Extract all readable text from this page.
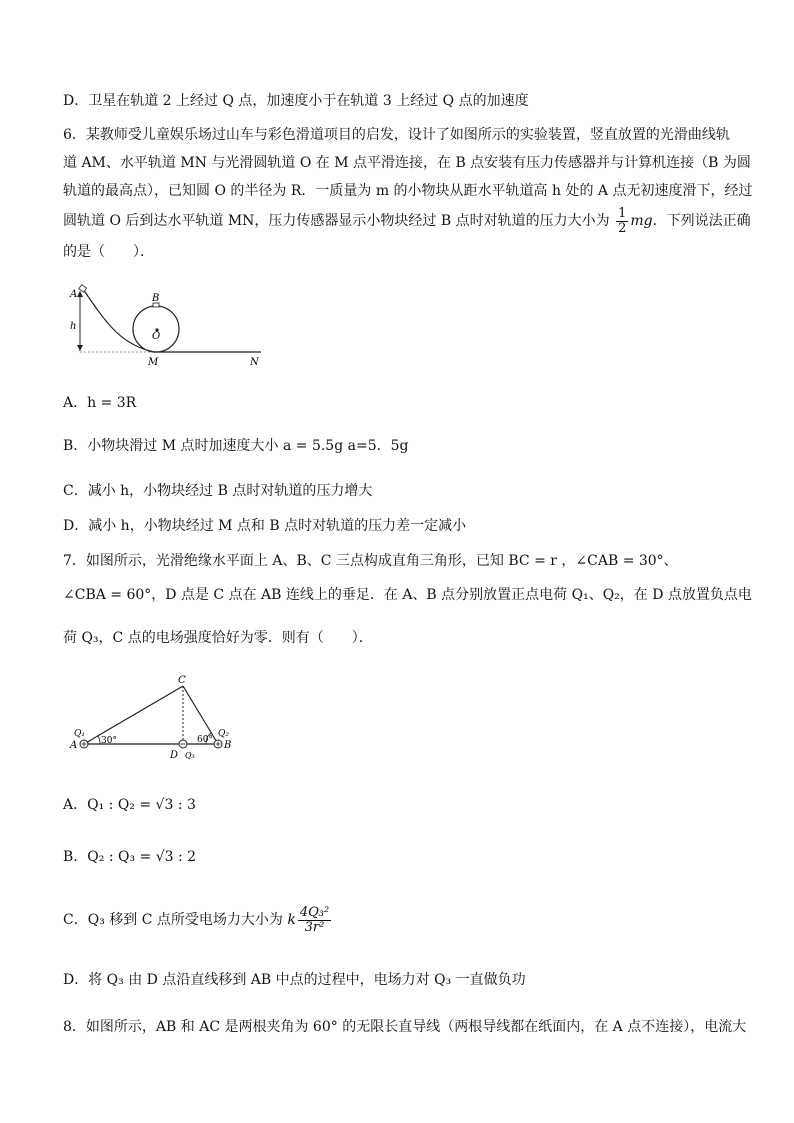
D．卫星在轨道 2 上经过 Q 点，加速度小于在轨道 3 上经过 Q 点的加速度
6．某教师受儿童娱乐场过山车与彩色滑道项目的启发，设计了如图所示的实验装置，竖直放置的光滑曲线轨
道 AM、水平轨道 MN 与光滑圆轨道 O 在 M 点平滑连接，在 B 点安装有压力传感器并与计算机连接（B 为圆
轨道的最高点），已知圆 O 的半径为 R．一质量为 m 的小物块从距水平轨道高 h 处的 A 点无初速度滑下，经过
圆轨道 O 后到达水平轨道 MN，压力传感器显示小物块经过 B 点时对轨道的压力大小为 $\frac{1}{2}$ mg．下列说法正确
的是（　　）．
A
h
B
O
M	N
A．h = 3R
B．小物块滑过 M 点时加速度大小 a = 5.5g a=5．5g
C．减小 h，小物块经过 B 点时对轨道的压力增大
D．减小 h，小物块经过 M 点和 B 点时对轨道的压力差一定减小
7．如图所示，光滑绝缘水平面上 A、B、C 三点构成直角三角形，已知 BC = r ，∠CAB = 30°、
∠CBA = 60°，D 点是 C 点在 AB 连线上的垂足．在 A、B 点分别放置正点电荷 Q₁、Q₂，在 D 点放置负点电
荷 Q₃，C 点的电场强度恰好为零．则有（　　）．
C
Q₁
A	30°
D Q₃
60°
Q₂
B
A．Q₁ : Q₂ = √3 : 3
B．Q₂ : Q₃ = √3 : 2
C．Q₃ 移到 C 点所受电场力大小为 k $\frac{\text{4Q₃²}}{\text{3r²}}$
D．将 Q₃ 由 D 点沿直线移到 AB 中点的过程中，电场力对 Q₃ 一直做负功
8．如图所示，AB 和 AC 是两根夹角为 60° 的无限长直导线（两根导线都在纸面内，在 A 点不连接），电流大
